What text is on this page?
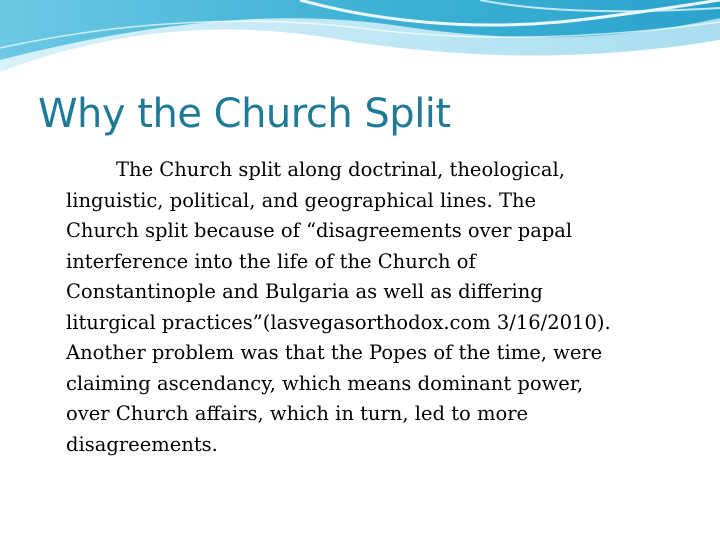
Why the Church Split

The Church split along doctrinal, theological,
linguistic, political, and geographical lines. The
Church split because of “disagreements over papal
interference into the life of the Church of
Constantinople and Bulgaria as well as differing
liturgical practices”(lasvegasorthodox.com 3/16/2010).
Another problem was that the Popes of the time, were
claiming ascendancy, which means dominant power,
over Church affairs, which in turn, led to more
disagreements.
